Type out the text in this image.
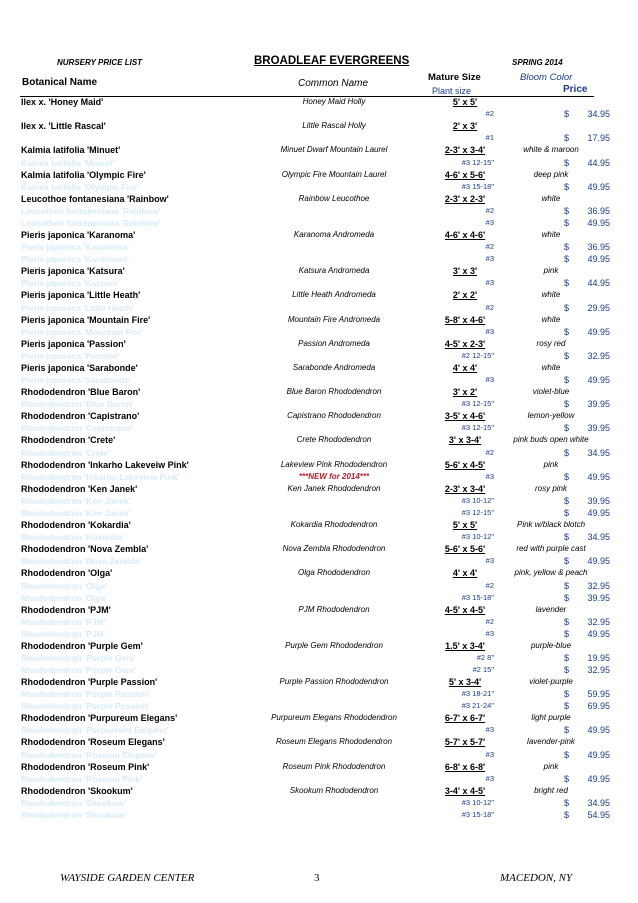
NURSERY PRICE LIST	BROADLEAF EVERGREENS	SPRING 2014
Botanical Name	Common Name
Mature Size	Bloom Color
Plant size	Price
Ilex x. 'Honey Maid'	Honey Maid Holly	5' x 5'
#2	$	34.95
Ilex x. 'Little Rascal'	Little Rascal Holly	2' x 3'
#1	$	17.95
Kalmia latifolia 'Minuet'	Minuet Dwarf Mountain Laurel	2-3' x 3-4'	white & maroon
Kalmia latifolia 'Minuet'	#3 12-15"	$	44.95
Kalmia latifolia 'Olympic Fire'	Olympic Fire Mountain Laurel	4-6' x 5-6'	deep pink
Kalmia latifolia 'Olympic Fire'	#3 15-18"	$	49.95
Leucothoe fontanesiana 'Rainbow'	Rainbow Leucothoe	2-3' x 2-3'	white
Leucothoe fontanesiana 'Rainbow'	#2	$	36.95
Leucothoe fontanesiana 'Rainbow'	#3	$	49.95
Pieris japonica 'Karanoma'	Karanoma Andromeda	4-6' x 4-6'	white
Pieris japonica 'Karanoma'	#2	$	36.95
Pieris japonica 'Karanoma'	#3	$	49.95
Pieris japonica 'Katsura'	Katsura Andromeda	3' x 3'	pink
Pieris japonica 'Katsura'	#3	$	44.95
Pieris japonica 'Little Heath'	Little Heath Andromeda	2' x 2'	white
Pieris japonica 'Little Heath'	#2	$	29.95
Pieris japonica 'Mountain Fire'	Mountain Fire Andromeda	5-8' x 4-6'	white
Pieris japonica 'Mountain Fire'	#3	$	49.95
Pieris japonica 'Passion'	Passion Andromeda	4-5' x 2-3'	rosy red
Pieris japonica 'Passion'	#2 12-15"	$	32.95
Pieris japonica 'Sarabonde'	Sarabonde Andromeda	4' x 4'	white
Pieris japonica 'Sarabonde'	#3	$	49.95
Rhododendron 'Blue Baron'	Blue Baron Rhododendron	3' x 2'	violet-blue
Rhododendron 'Blue Baron'	#3 12-15"	$	39.95
Rhododendron 'Capistrano'	Capistrano Rhododendron	3-5' x 4-6'	lemon-yellow
Rhododendron 'Capistrano'	#3 12-15"	$	39.95
Rhododendron 'Crete'	Crete Rhododendron	3' x 3-4'	pink buds open white
Rhododendron 'Crete'	#2	$	34.95
Rhododendron 'Inkarho Lakeveiw Pink'	Lakeview Pink Rhododendron	5-6' x 4-5'	pink
Rhododendron 'Inkarho Lakeview Pink'	***NEW for 2014***	#3	$	49.95
Rhododendron 'Ken Janek'	Ken Janek Rhododendron	2-3' x 3-4'	rosy pink
Rhododendron 'Ken Janek'	#3 10-12"	$	39.95
Rhododendron 'Ken Janek'	#3 12-15"	$	49.95
Rhododendron 'Kokardia'	Kokardia Rhododendron	5' x 5'	Pink w/black blotch
Rhododendron 'Kokardia'	#3 10-12"	$	34.95
Rhododendron 'Nova Zembla'	Nova Zembla Rhododendron	5-6' x 5-6'	red with purple cast
Rhododendron 'Nova Zembla'	#3	$	49.95
Rhododendron 'Olga'	Olga Rhododendron	4' x 4'	pink, yellow & peach
Rhododendron 'Olga'	#2	$	32.95
Rhododendron 'Olga'	#3 15-18"	$	39.95
Rhododendron 'PJM'	PJM Rhododendron	4-5' x 4-5'	lavender
Rhododendron 'PJM'	#2	$	32.95
Rhododendron 'PJM'	#3	$	49.95
Rhododendron 'Purple Gem'	Purple Gem Rhododendron	1.5' x 3-4'	purple-blue
Rhododendron 'Purple Gem'	#2 8"	$	19.95
Rhododendron 'Purple Gem'	#2 15"	$	32.95
Rhododendron 'Purple Passion'	Purple Passion Rhododendron	5' x 3-4'	violet-purple
Rhododendron 'Purple Passion'	#3 18-21"	$	59.95
Rhododendron 'Purple Passion'	#3 21-24"	$	69.95
Rhododendron 'Purpureum Elegans'	Purpureum Elegans Rhododendron	6-7' x 6-7'	light purple
Rhododendron 'Purpureum Elegans'	#3	$	49.95
Rhododendron 'Roseum Elegans'	Roseum Elegans Rhododendron	5-7' x 5-7'	lavender-pink
Rhododendron 'Roseum Elegans'	#3	$	49.95
Rhododendron 'Roseum Pink'	Roseum Pink Rhododendron	6-8' x 6-8'	pink
Rhododendron 'Roseum Pink'	#3	$	49.95
Rhododendron 'Skookum'	Skookum Rhododendron	3-4' x 4-5'	bright red
Rhododendron 'Skookum'	#3 10-12"	$	34.95
Rhododendron 'Skookum'	#3 15-18"	$	54.95
WAYSIDE GARDEN CENTER	3	MACEDON, NY
